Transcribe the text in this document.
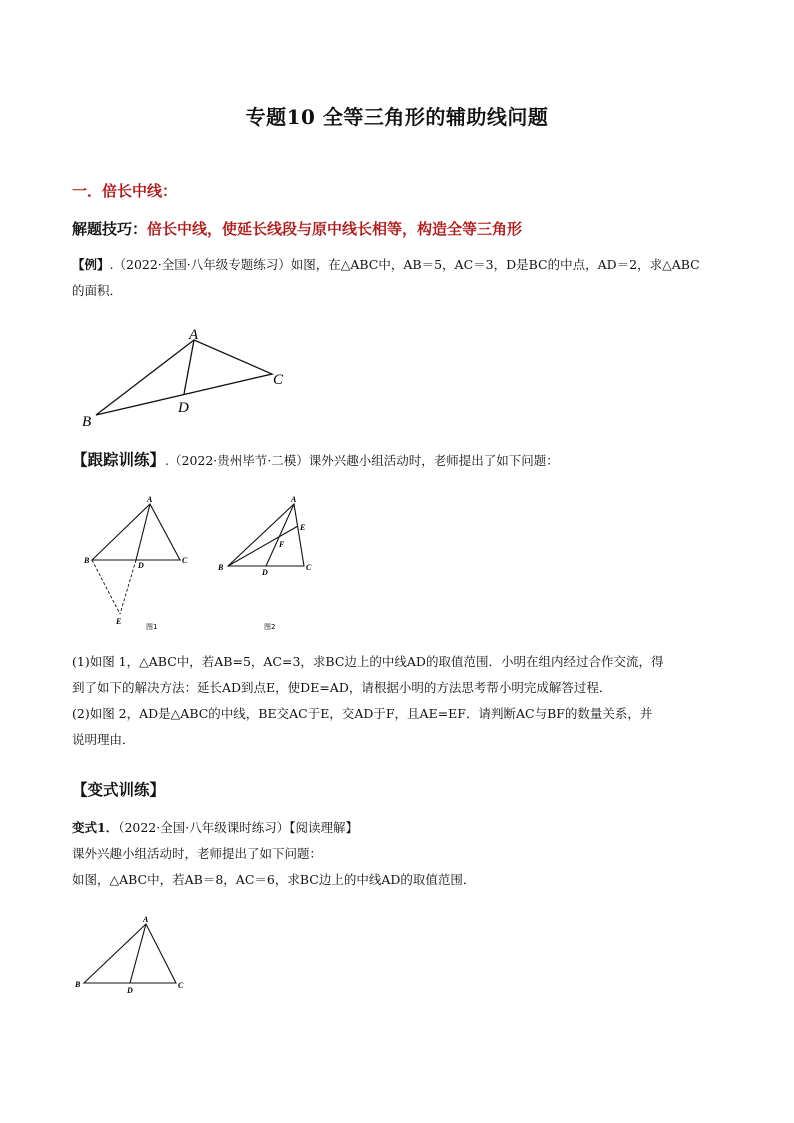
专题10 全等三角形的辅助线问题
一．倍长中线：
解题技巧：倍长中线，使延长线段与原中线长相等，构造全等三角形
【例】.（2022·全国·八年级专题练习）如图，在△ABC中，AB＝5，AC＝3，D是BC的中点，AD＝2，求△ABC
的面积．
A
B
C
D
【跟踪训练】.（2022·贵州毕节·二模）课外兴趣小组活动时，老师提出了如下问题：
A
B	C
D
E
图1
A
B	C
D
E
F
图2
(1)如图 1，△ABC中，若AB=5，AC=3，求BC边上的中线AD的取值范围．小明在组内经过合作交流，得
到了如下的解决方法：延长AD到点E，使DE=AD，请根据小明的方法思考帮小明完成解答过程．
(2)如图 2，AD是△ABC的中线，BE交AC于E，交AD于F，且AE=EF．请判断AC与BF的数量关系，并
说明理由．
【变式训练】
变式1．（2022·全国·八年级课时练习）【阅读理解】
课外兴趣小组活动时，老师提出了如下问题：
如图，△ABC中，若AB＝8，AC＝6，求BC边上的中线AD的取值范围．
A
B	C
D
